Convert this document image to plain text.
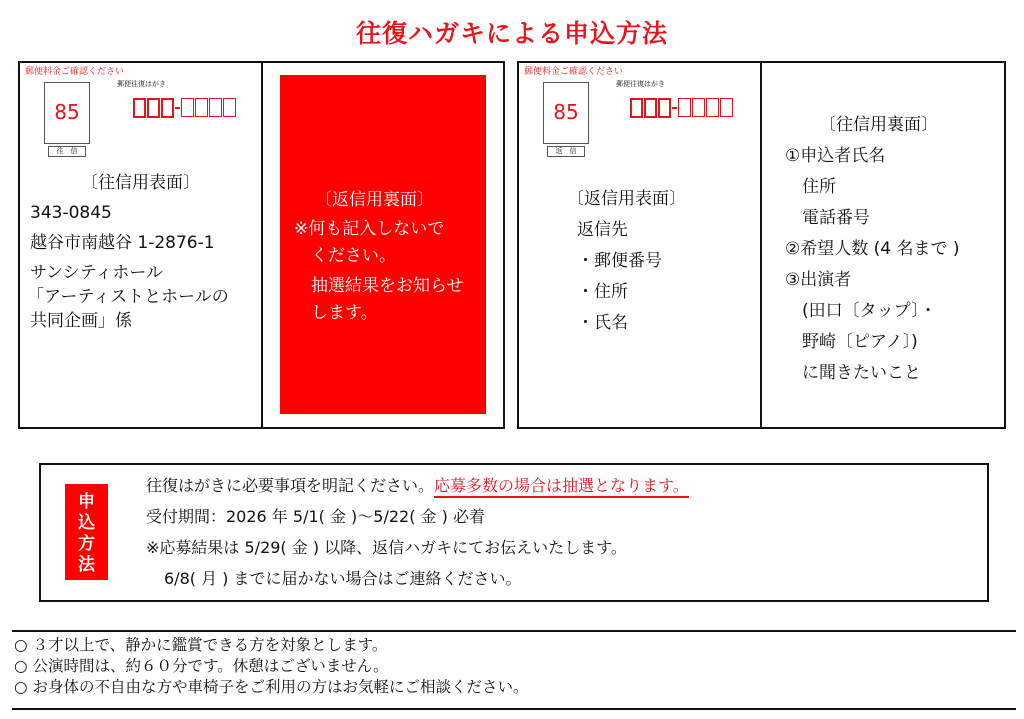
往復ハガキによる申込方法
郵便料金ご確認ください
郵便往復はがき
85
往　信
〔往信用表面〕
343-0845
越谷市南越谷 1-2876-1
サンシティホール
「アーティストとホールの
共同企画」係
〔返信用裏面〕
※何も記入しないで
　ください。
　抽選結果をお知らせ
　します。
郵便料金ご確認ください
郵便往復はがき
85
返　信
〔返信用表面〕
返信先
・郵便番号
・住所
・氏名
〔往信用裏面〕
①申込者氏名
　住所
　電話番号
②希望人数 (4 名まで )
③出演者
　(田口〔タップ〕・
　野崎〔ピアノ〕)
　に聞きたいこと
申
込
方
法
往復はがきに必要事項を明記ください。応募多数の場合は抽選となります。
受付期間：2026 年 5/1( 金 )〜5/22( 金 ) 必着
※応募結果は 5/29( 金 ) 以降、返信ハガキにてお伝えいたします。
6/8( 月 ) までに届かない場合はご連絡ください。
○ ３才以上で、静かに鑑賞できる方を対象とします。
○ 公演時間は、約６０分です。休憩はございません。
○ お身体の不自由な方や車椅子をご利用の方はお気軽にご相談ください。
